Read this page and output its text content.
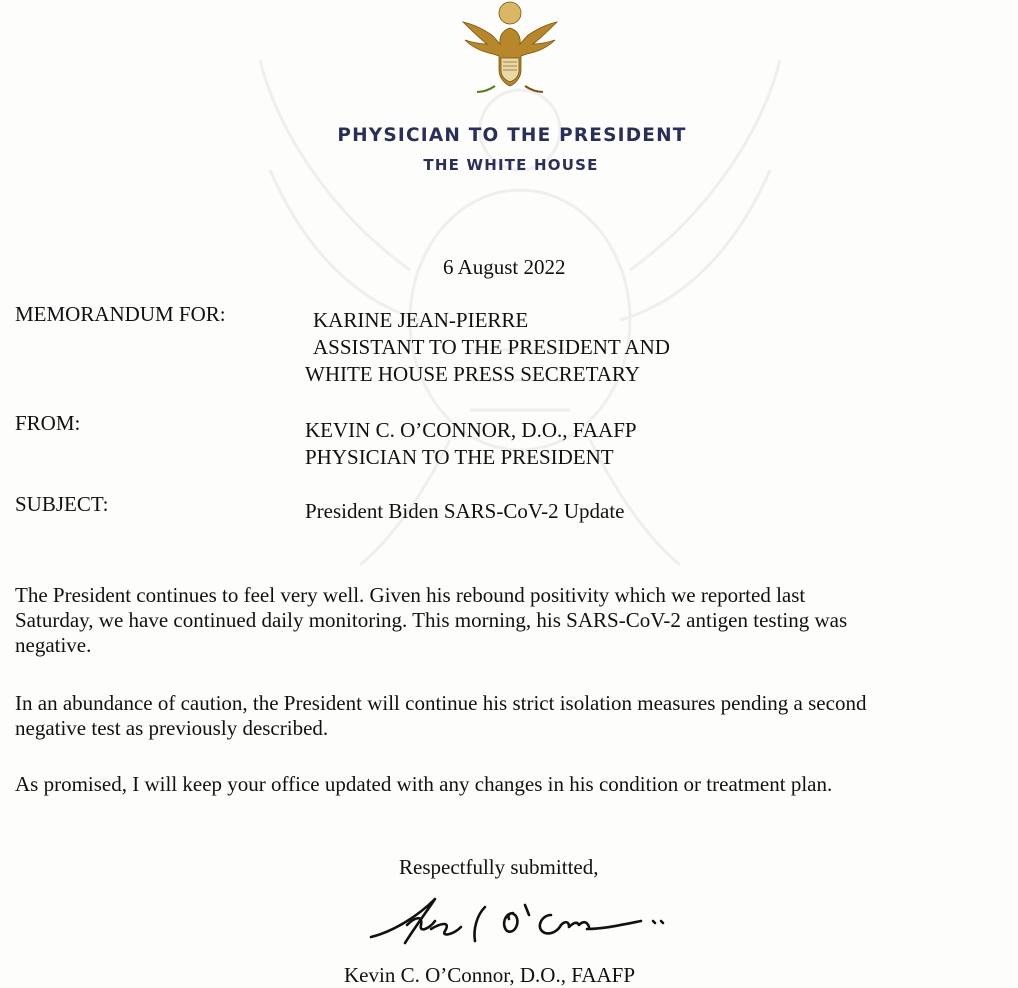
PHYSICIAN TO THE PRESIDENT
THE WHITE HOUSE
6 August 2022
MEMORANDUM FOR:	KARINE JEAN-PIERRE
ASSISTANT TO THE PRESIDENT AND
WHITE HOUSE PRESS SECRETARY
FROM:	KEVIN C. O’CONNOR, D.O., FAAFP
PHYSICIAN TO THE PRESIDENT
SUBJECT:	President Biden SARS-CoV-2 Update
The President continues to feel very well. Given his rebound positivity which we reported last
Saturday, we have continued daily monitoring. This morning, his SARS-CoV-2 antigen testing was
negative.
In an abundance of caution, the President will continue his strict isolation measures pending a second
negative test as previously described.
As promised, I will keep your office updated with any changes in his condition or treatment plan.
Respectfully submitted,
Kevin C. O’Connor, D.O., FAAFP
